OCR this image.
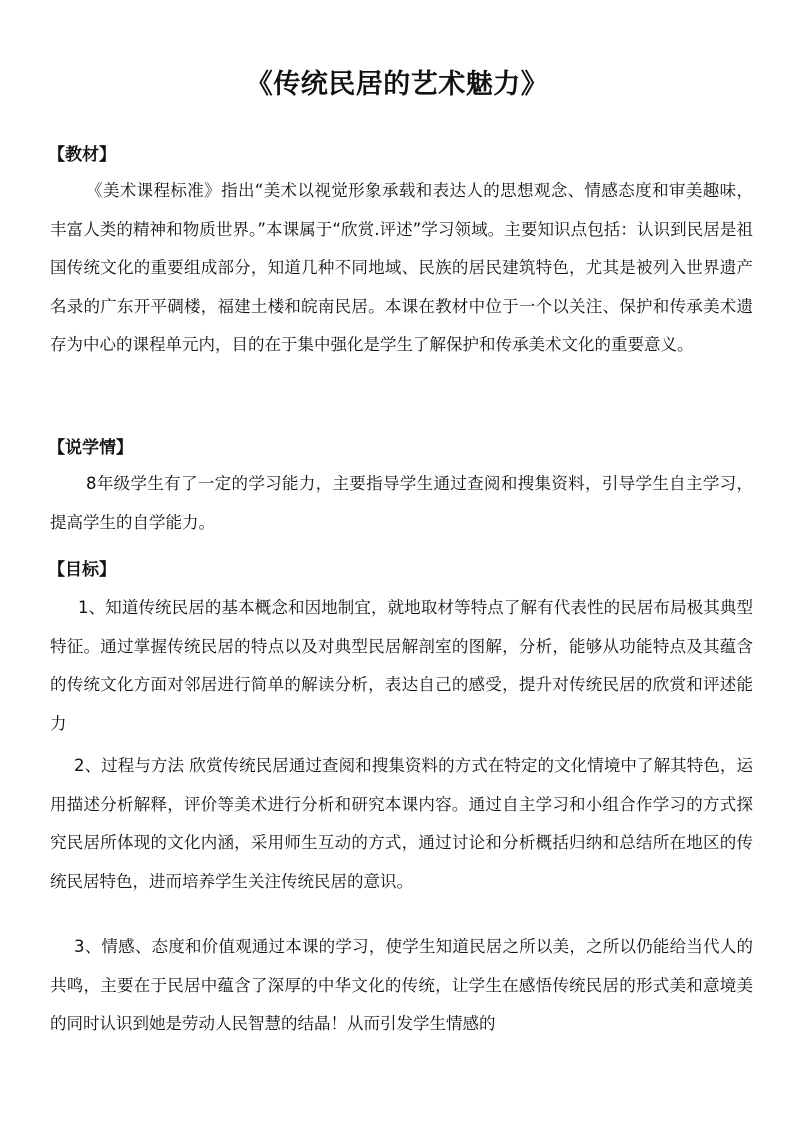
《传统民居的艺术魅力》
【教材】
《美术课程标准》指出“美术以视觉形象承载和表达人的思想观念、情感态度和审美趣味，丰富人类的精神和物质世界。”本课属于“欣赏.评述”学习领域。主要知识点包括：认识到民居是祖国传统文化的重要组成部分，知道几种不同地域、民族的居民建筑特色，尤其是被列入世界遗产名录的广东开平碉楼，福建土楼和皖南民居。本课在教材中位于一个以关注、保护和传承美术遗存为中心的课程单元内，目的在于集中强化是学生了解保护和传承美术文化的重要意义。
【说学情】
8年级学生有了一定的学习能力，主要指导学生通过查阅和搜集资料，引导学生自主学习，提高学生的自学能力。
【目标】
1、知道传统民居的基本概念和因地制宜，就地取材等特点了解有代表性的民居布局极其典型特征。通过掌握传统民居的特点以及对典型民居解剖室的图解，分析，能够从功能特点及其蕴含的传统文化方面对邻居进行简单的解读分析，表达自己的感受，提升对传统民居的欣赏和评述能力
2、过程与方法 欣赏传统民居通过查阅和搜集资料的方式在特定的文化情境中了解其特色，运用描述分析解释，评价等美术进行分析和研究本课内容。通过自主学习和小组合作学习的方式探究民居所体现的文化内涵，采用师生互动的方式，通过讨论和分析概括归纳和总结所在地区的传统民居特色，进而培养学生关注传统民居的意识。
3、情感、态度和价值观通过本课的学习，使学生知道民居之所以美，之所以仍能给当代人的共鸣，主要在于民居中蕴含了深厚的中华文化的传统，让学生在感悟传统民居的形式美和意境美的同时认识到她是劳动人民智慧的结晶！从而引发学生情感的
